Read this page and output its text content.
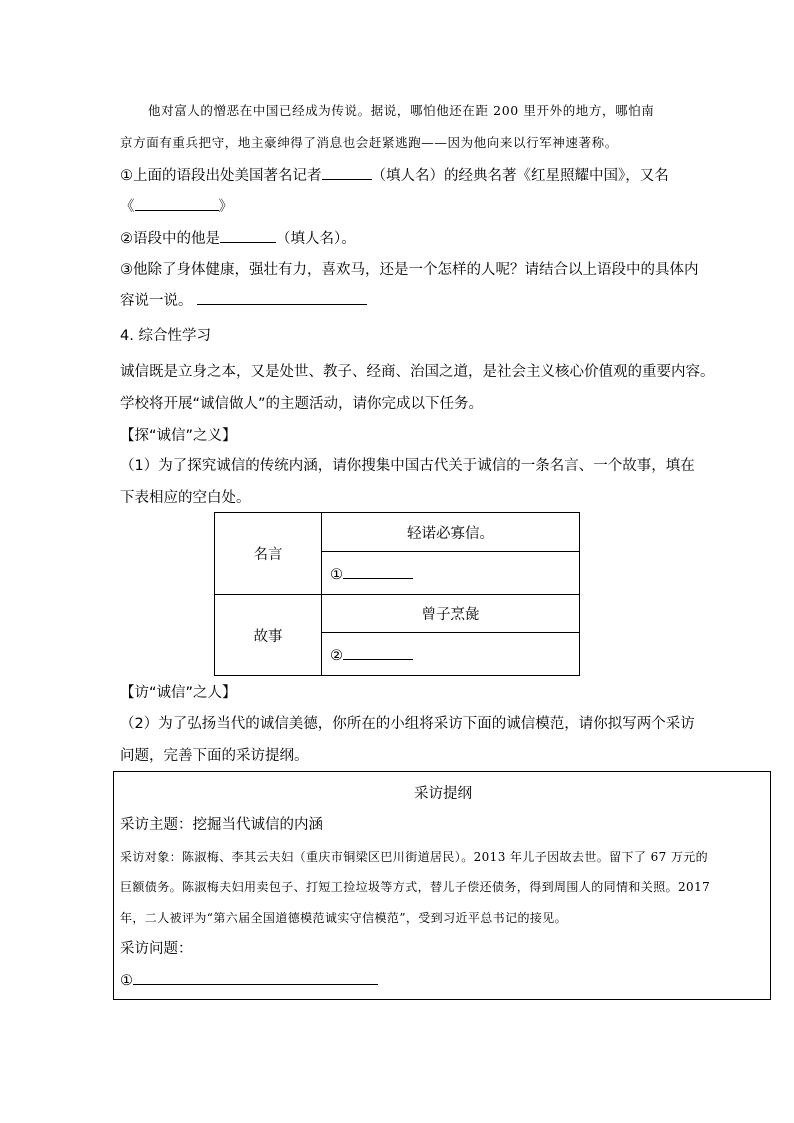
他对富人的憎恶在中国已经成为传说。据说，哪怕他还在距 200 里开外的地方，哪怕南
京方面有重兵把守，地主豪绅得了消息也会赶紧逃跑——因为他向来以行军神速著称。
①上面的语段出处美国著名记者	（填人名）的经典名著《红星照耀中国》，又名
《	》
②语段中的他是	（填人名）。
③他除了身体健康，强壮有力，喜欢马，还是一个怎样的人呢？请结合以上语段中的具体内
容说一说。
4. 综合性学习
诚信既是立身之本，又是处世、教子、经商、治国之道，是社会主义核心价值观的重要内容。
学校将开展“诚信做人”的主题活动，请你完成以下任务。
【探“诚信”之义】
（1）为了探究诚信的传统内涵，请你搜集中国古代关于诚信的一条名言、一个故事，填在
下表相应的空白处。
名言	轻诺必寡信。
	①
故事	曾子烹彘
	②
【访“诚信”之人】
（2）为了弘扬当代的诚信美德，你所在的小组将采访下面的诚信模范，请你拟写两个采访
问题，完善下面的采访提纲。
采访提纲
采访主题：挖掘当代诚信的内涵
采访对象：陈淑梅、李其云夫妇（重庆市铜梁区巴川街道居民）。2013 年儿子因故去世。留下了 67 万元的
巨额债务。陈淑梅夫妇用卖包子、打短工捡垃圾等方式，替儿子偿还债务，得到周围人的同情和关照。2017
年，二人被评为“第六届全国道德模范诚实守信模范”，受到习近平总书记的接见。
采访问题：
①
